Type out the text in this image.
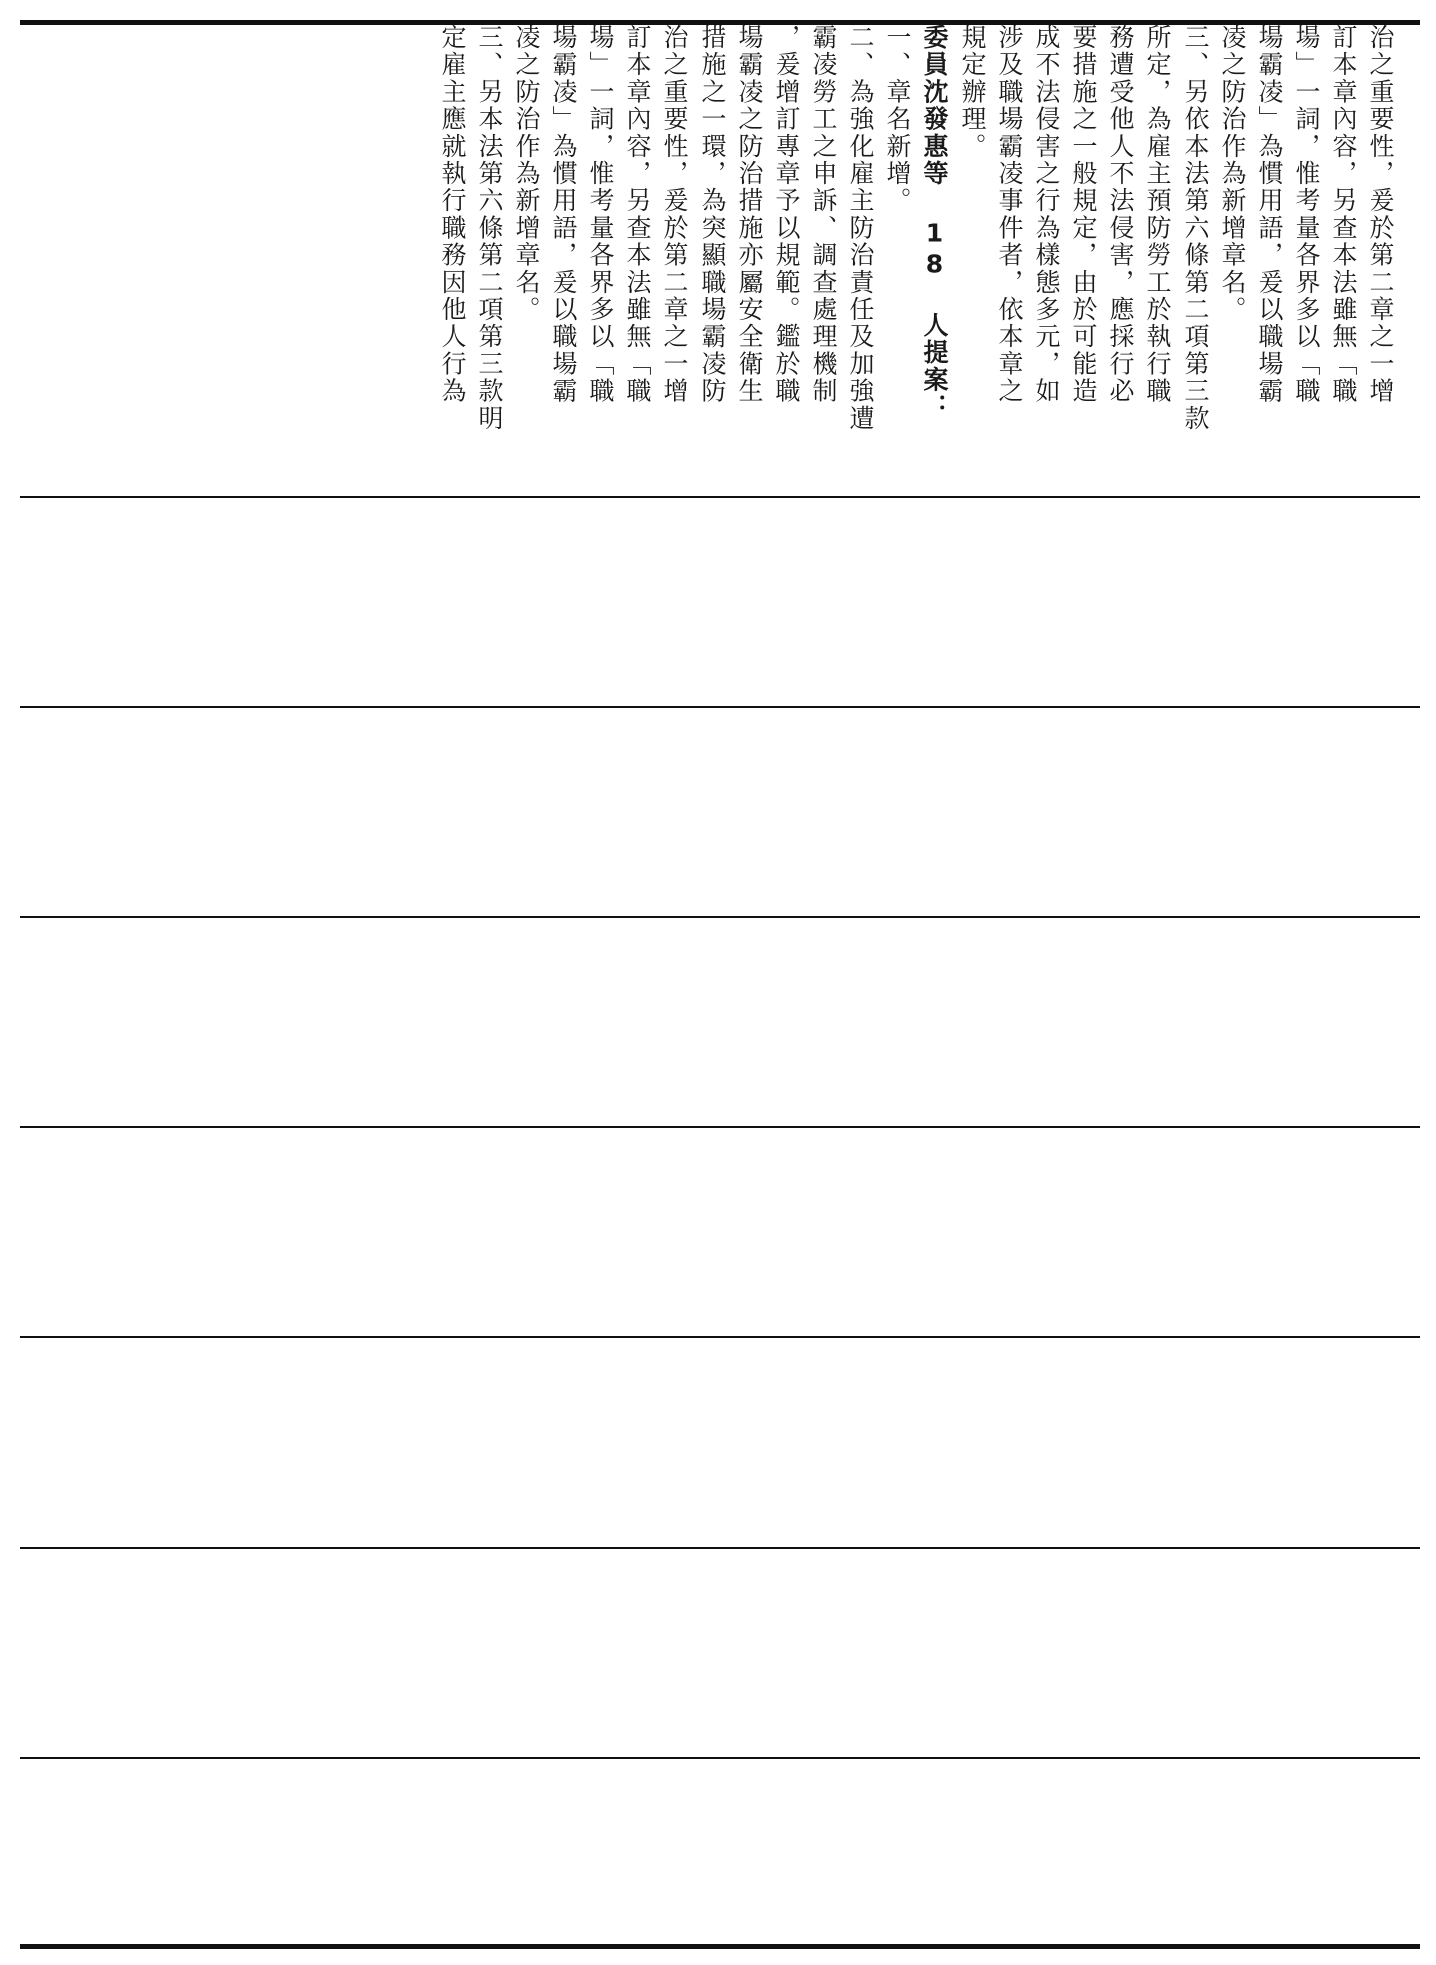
治之重要性，爰於第二章之一增
訂本章內容，另查本法雖無「職
場」一詞，惟考量各界多以「職
場霸凌」為慣用語，爰以職場霸
凌之防治作為新增章名。
三、另依本法第六條第二項第三款
所定，為雇主預防勞工於執行職
務遭受他人不法侵害，應採行必
要措施之一般規定，由於可能造
成不法侵害之行為樣態多元，如
涉及職場霸凌事件者，依本章之
規定辦理。
委員沈發惠等 18 人提案：
一、章名新增。
二、為強化雇主防治責任及加強遭
霸凌勞工之申訴、調查處理機制
，爰增訂專章予以規範。鑑於職
場霸凌之防治措施亦屬安全衛生
措施之一環，為突顯職場霸凌防
治之重要性，爰於第二章之一增
訂本章內容，另查本法雖無「職
場」一詞，惟考量各界多以「職
場霸凌」為慣用語，爰以職場霸
凌之防治作為新增章名。
三、另本法第六條第二項第三款明
定雇主應就執行職務因他人行為
